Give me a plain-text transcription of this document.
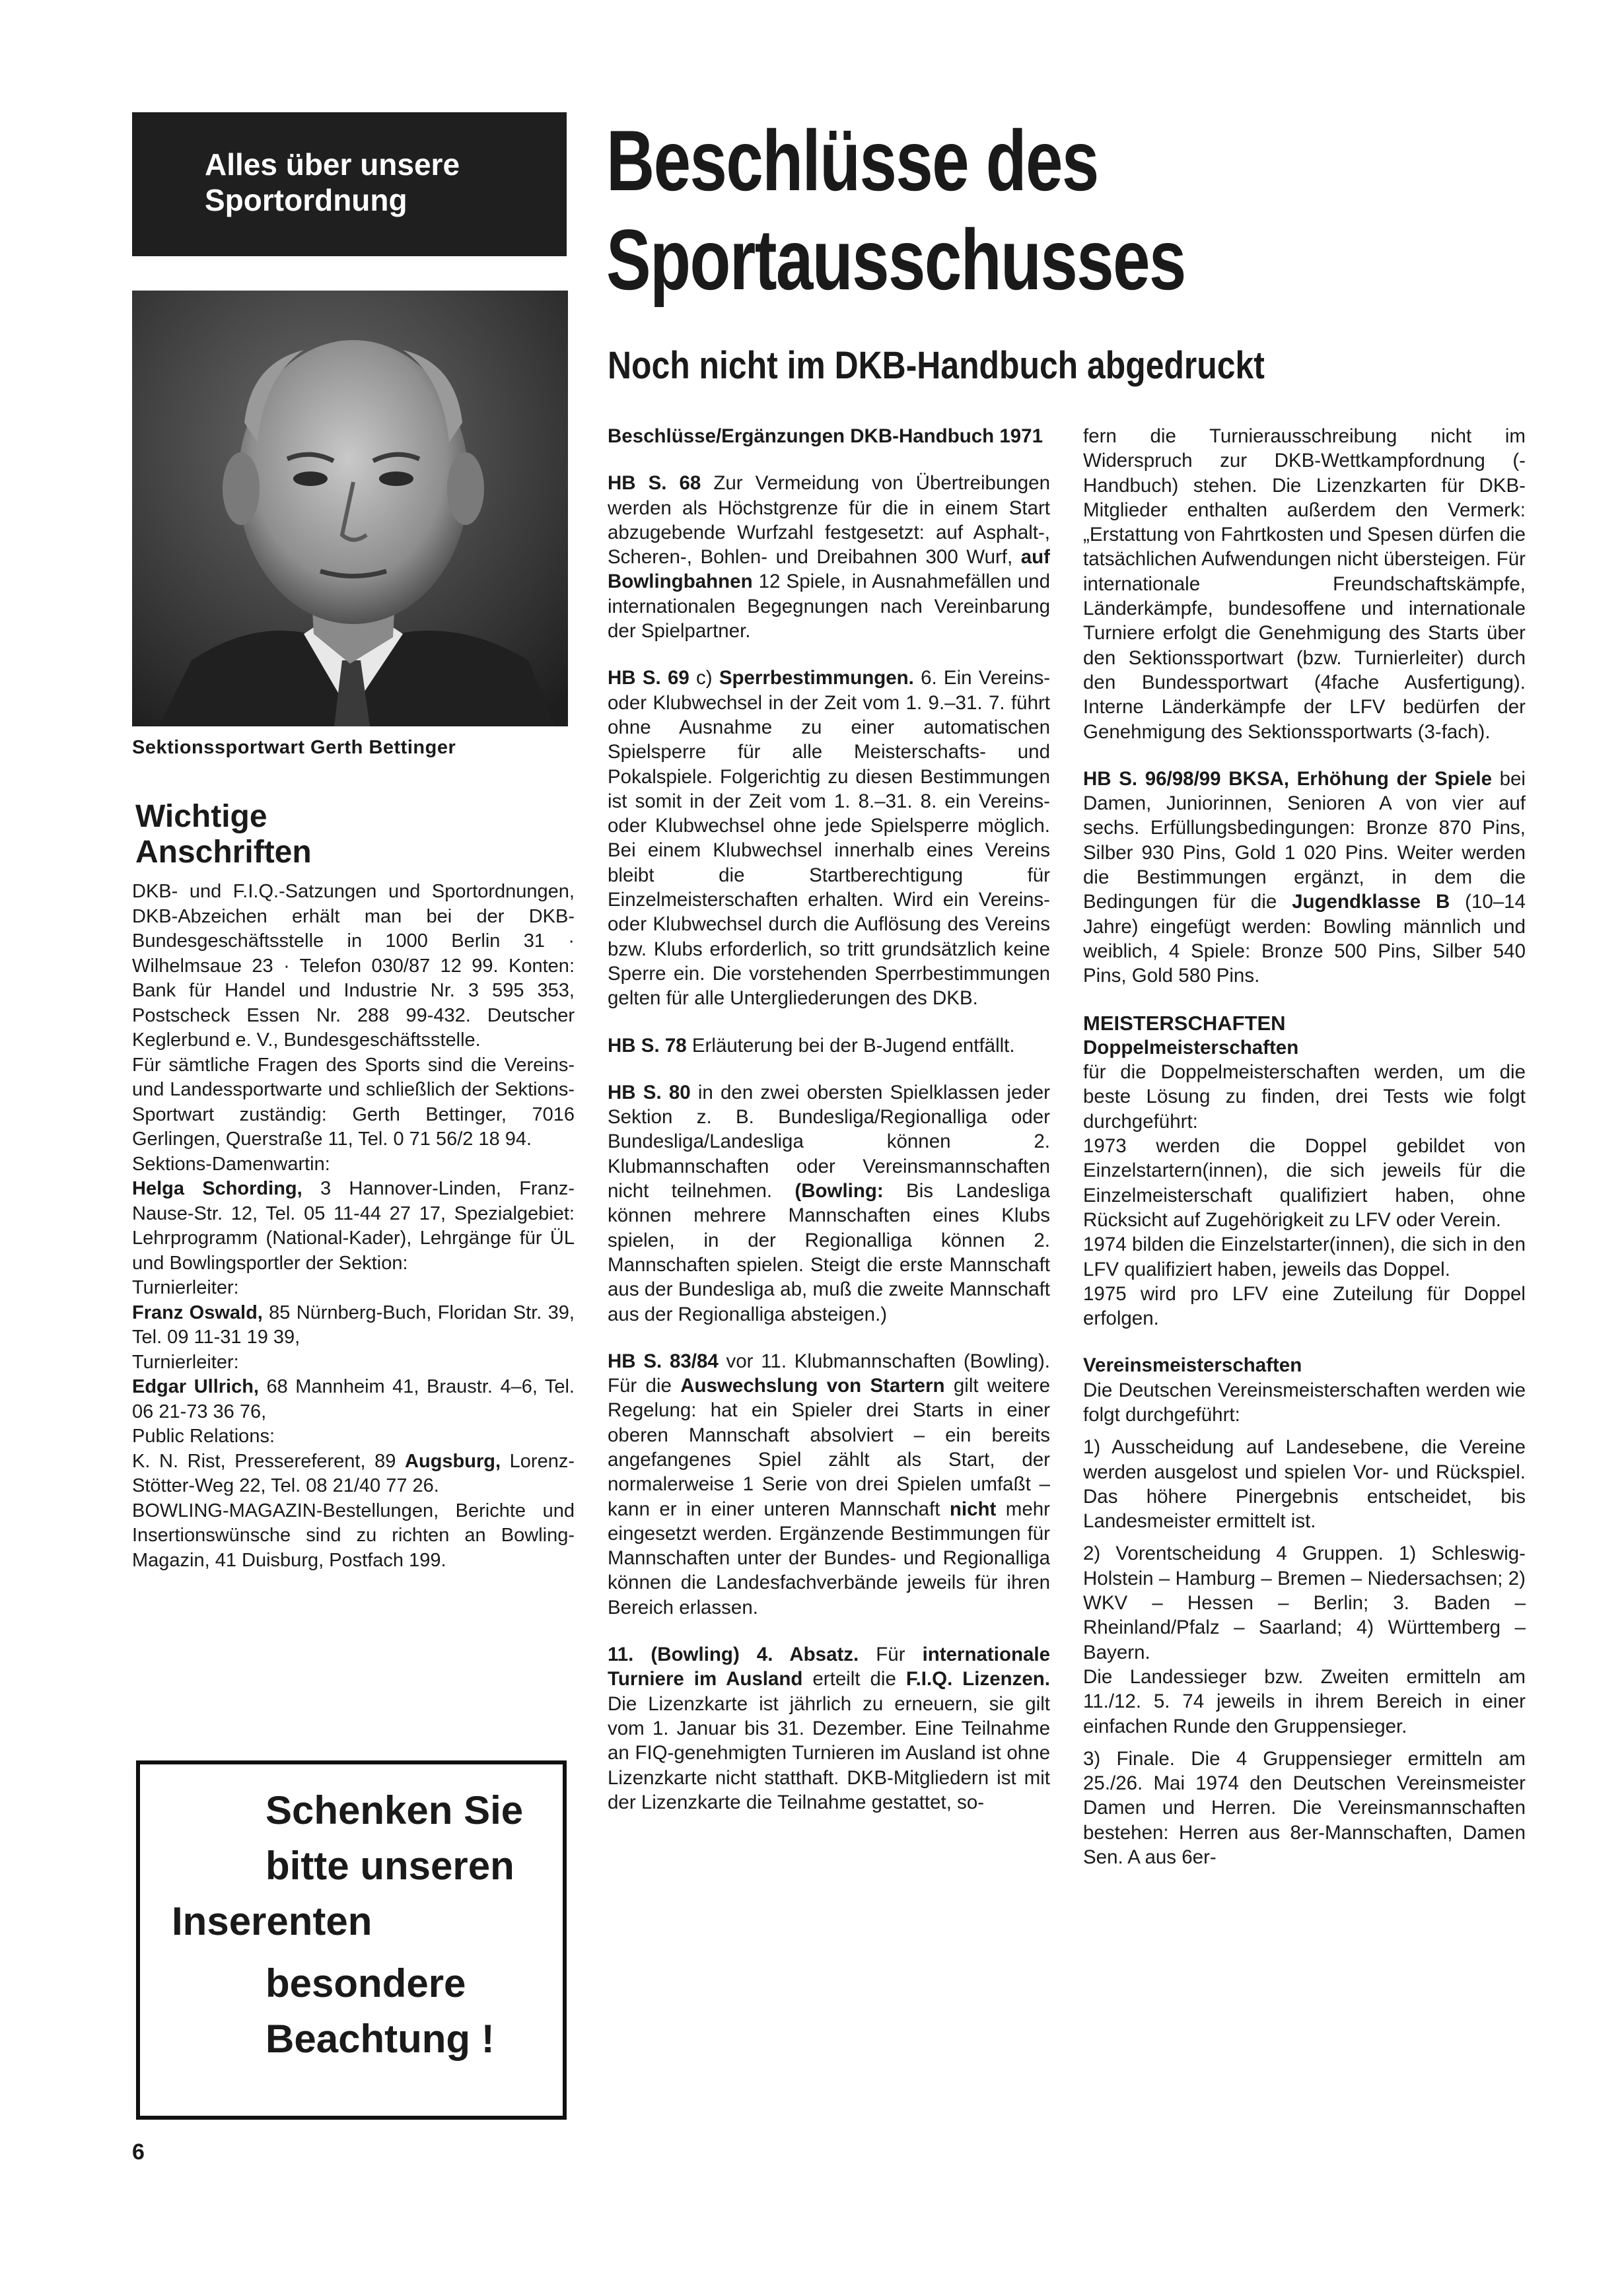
Alles über unsere
Sportordnung
Sektionssportwart Gerth Bettinger
Wichtige
Anschriften

DKB- und F.I.Q.-Satzungen und Sportordnungen, DKB-Abzeichen erhält man bei der DKB-Bundesgeschäftsstelle in 1000 Berlin 31 · Wilhelmsaue 23 · Telefon 030/87 12 99. Konten: Bank für Handel und Industrie Nr. 3 595 353, Postscheck Essen Nr. 288 99-432. Deutscher Keglerbund e. V., Bundesgeschäftsstelle.

Für sämtliche Fragen des Sports sind die Vereins- und Landessportwarte und schließlich der Sektions-Sportwart zuständig: Gerth Bettinger, 7016 Gerlingen, Querstraße 11, Tel. 0 71 56/2 18 94.

Sektions-Damenwartin:

Helga Schording, 3 Hannover-Linden, Franz-Nause-Str. 12, Tel. 05 11-44 27 17, Spezialgebiet: Lehrprogramm (National-Kader), Lehrgänge für ÜL und Bowlingsportler der Sektion:

Turnierleiter:

Franz Oswald, 85 Nürnberg-Buch, Floridan Str. 39, Tel. 09 11-31 19 39,

Turnierleiter:

Edgar Ullrich, 68 Mannheim 41, Braustr. 4–6, Tel. 06 21-73 36 76,

Public Relations:

K. N. Rist, Pressereferent, 89 Augsburg, Lorenz-Stötter-Weg 22, Tel. 08 21/40 77 26.

BOWLING-MAGAZIN-Bestellungen, Berichte und Insertionswünsche sind zu richten an Bowling-Magazin, 41 Duisburg, Postfach 199.

Schenken Sie
bitte unseren
Inserenten
besondere
Beachtung !
6
Beschlüsse des
Sportausschusses
Noch nicht im DKB-Handbuch abgedruckt

Beschlüsse/Ergänzungen DKB-Handbuch 1971

HB S. 68 Zur Vermeidung von Übertreibungen werden als Höchstgrenze für die in einem Start abzugebende Wurfzahl festgesetzt: auf Asphalt-, Scheren-, Bohlen- und Dreibahnen 300 Wurf, auf Bowlingbahnen 12 Spiele, in Ausnahmefällen und internationalen Begegnungen nach Vereinbarung der Spielpartner.

HB S. 69 c) Sperrbestimmungen. 6. Ein Vereins- oder Klubwechsel in der Zeit vom 1. 9.–31. 7. führt ohne Ausnahme zu einer automatischen Spielsperre für alle Meisterschafts- und Pokalspiele. Folgerichtig zu diesen Bestimmungen ist somit in der Zeit vom 1. 8.–31. 8. ein Vereins- oder Klubwechsel ohne jede Spielsperre möglich. Bei einem Klubwechsel innerhalb eines Vereins bleibt die Startberechtigung für Einzelmeisterschaften erhalten. Wird ein Vereins- oder Klubwechsel durch die Auflösung des Vereins bzw. Klubs erforderlich, so tritt grundsätzlich keine Sperre ein. Die vorstehenden Sperrbestimmungen gelten für alle Untergliederungen des DKB.

HB S. 78 Erläuterung bei der B-Jugend entfällt.

HB S. 80 in den zwei obersten Spielklassen jeder Sektion z. B. Bundesliga/Regionalliga oder Bundesliga/Landesliga können 2. Klubmannschaften oder Vereinsmannschaften nicht teilnehmen. (Bowling: Bis Landesliga können mehrere Mannschaften eines Klubs spielen, in der Regionalliga können 2. Mannschaften spielen. Steigt die erste Mannschaft aus der Bundesliga ab, muß die zweite Mannschaft aus der Regionalliga absteigen.)

HB S. 83/84 vor 11. Klubmannschaften (Bowling). Für die Auswechslung von Startern gilt weitere Regelung: hat ein Spieler drei Starts in einer oberen Mannschaft absolviert – ein bereits angefangenes Spiel zählt als Start, der normalerweise 1 Serie von drei Spielen umfaßt – kann er in einer unteren Mannschaft nicht mehr eingesetzt werden. Ergänzende Bestimmungen für Mannschaften unter der Bundes- und Regionalliga können die Landesfachverbände jeweils für ihren Bereich erlassen.

11. (Bowling) 4. Absatz. Für internationale Turniere im Ausland erteilt die F.I.Q. Lizenzen. Die Lizenzkarte ist jährlich zu erneuern, sie gilt vom 1. Januar bis 31. Dezember. Eine Teilnahme an FIQ-genehmigten Turnieren im Ausland ist ohne Lizenzkarte nicht statthaft. DKB-Mitgliedern ist mit der Lizenzkarte die Teilnahme gestattet, so-

fern die Turnierausschreibung nicht im Widerspruch zur DKB-Wettkampfordnung (-Handbuch) stehen. Die Lizenzkarten für DKB-Mitglieder enthalten außerdem den Vermerk: „Erstattung von Fahrtkosten und Spesen dürfen die tatsächlichen Aufwendungen nicht übersteigen. Für internationale Freundschaftskämpfe, Länderkämpfe, bundesoffene und internationale Turniere erfolgt die Genehmigung des Starts über den Sektionssportwart (bzw. Turnierleiter) durch den Bundessportwart (4fache Ausfertigung). Interne Länderkämpfe der LFV bedürfen der Genehmigung des Sektionssportwarts (3-fach).

HB S. 96/98/99 BKSA, Erhöhung der Spiele bei Damen, Juniorinnen, Senioren A von vier auf sechs. Erfüllungsbedingungen: Bronze 870 Pins, Silber 930 Pins, Gold 1 020 Pins. Weiter werden die Bestimmungen ergänzt, in dem die Bedingungen für die Jugendklasse B (10–14 Jahre) eingefügt werden: Bowling männlich und weiblich, 4 Spiele: Bronze 500 Pins, Silber 540 Pins, Gold 580 Pins.

MEISTERSCHAFTEN

Doppelmeisterschaften

für die Doppelmeisterschaften werden, um die beste Lösung zu finden, drei Tests wie folgt durchgeführt:

1973 werden die Doppel gebildet von Einzelstartern(innen), die sich jeweils für die Einzelmeisterschaft qualifiziert haben, ohne Rücksicht auf Zugehörigkeit zu LFV oder Verein.

1974 bilden die Einzelstarter(innen), die sich in den LFV qualifiziert haben, jeweils das Doppel.

1975 wird pro LFV eine Zuteilung für Doppel erfolgen.

Vereinsmeisterschaften

Die Deutschen Vereinsmeisterschaften werden wie folgt durchgeführt:

1) Ausscheidung auf Landesebene, die Vereine werden ausgelost und spielen Vor- und Rückspiel. Das höhere Pinergebnis entscheidet, bis Landesmeister ermittelt ist.

2) Vorentscheidung 4 Gruppen. 1) Schleswig-Holstein – Hamburg – Bremen – Niedersachsen; 2) WKV – Hessen – Berlin; 3. Baden – Rheinland/Pfalz – Saarland; 4) Württemberg – Bayern.

Die Landessieger bzw. Zweiten ermitteln am 11./12. 5. 74 jeweils in ihrem Bereich in einer einfachen Runde den Gruppensieger.

3) Finale. Die 4 Gruppensieger ermitteln am 25./26. Mai 1974 den Deutschen Vereinsmeister Damen und Herren. Die Vereinsmannschaften bestehen: Herren aus 8er-Mannschaften, Damen Sen. A aus 6er-
